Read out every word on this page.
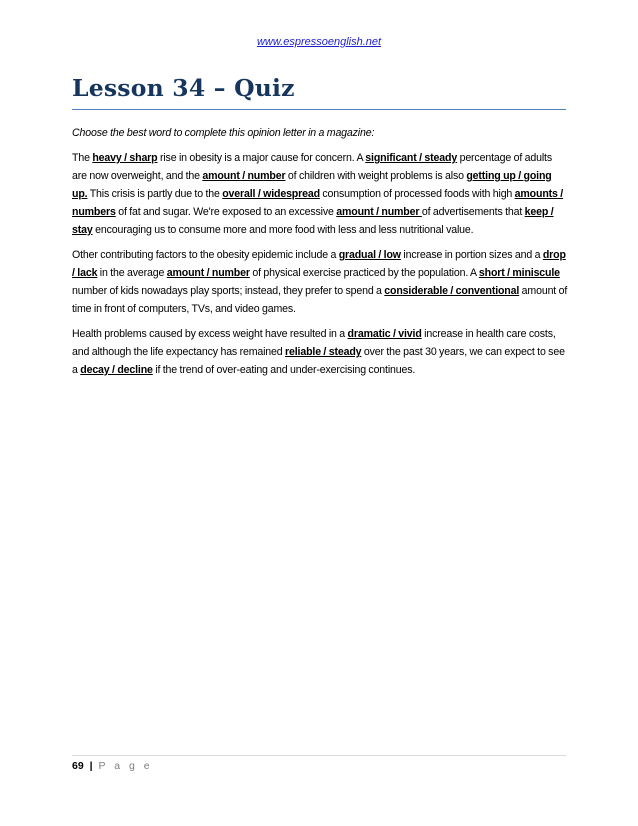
www.espressoenglish.net
Lesson 34 – Quiz

Choose the best word to complete this opinion letter in a magazine:

The heavy / sharp rise in obesity is a major cause for concern. A significant / steady percentage of adults are now overweight, and the amount / number of children with weight problems is also getting up / going up. This crisis is partly due to the overall / widespread consumption of processed foods with high amounts / numbers of fat and sugar. We're exposed to an excessive amount / number of advertisements that keep / stay encouraging us to consume more and more food with less and less nutritional value.

Other contributing factors to the obesity epidemic include a gradual / low increase in portion sizes and a drop / lack in the average amount / number of physical exercise practiced by the population. A short / miniscule number of kids nowadays play sports; instead, they prefer to spend a considerable / conventional amount of time in front of computers, TVs, and video games.

Health problems caused by excess weight have resulted in a dramatic / vivid increase in health care costs, and although the life expectancy has remained reliable / steady over the past 30 years, we can expect to see a decay / decline if the trend of over-eating and under-exercising continues.

69 | P a g e
